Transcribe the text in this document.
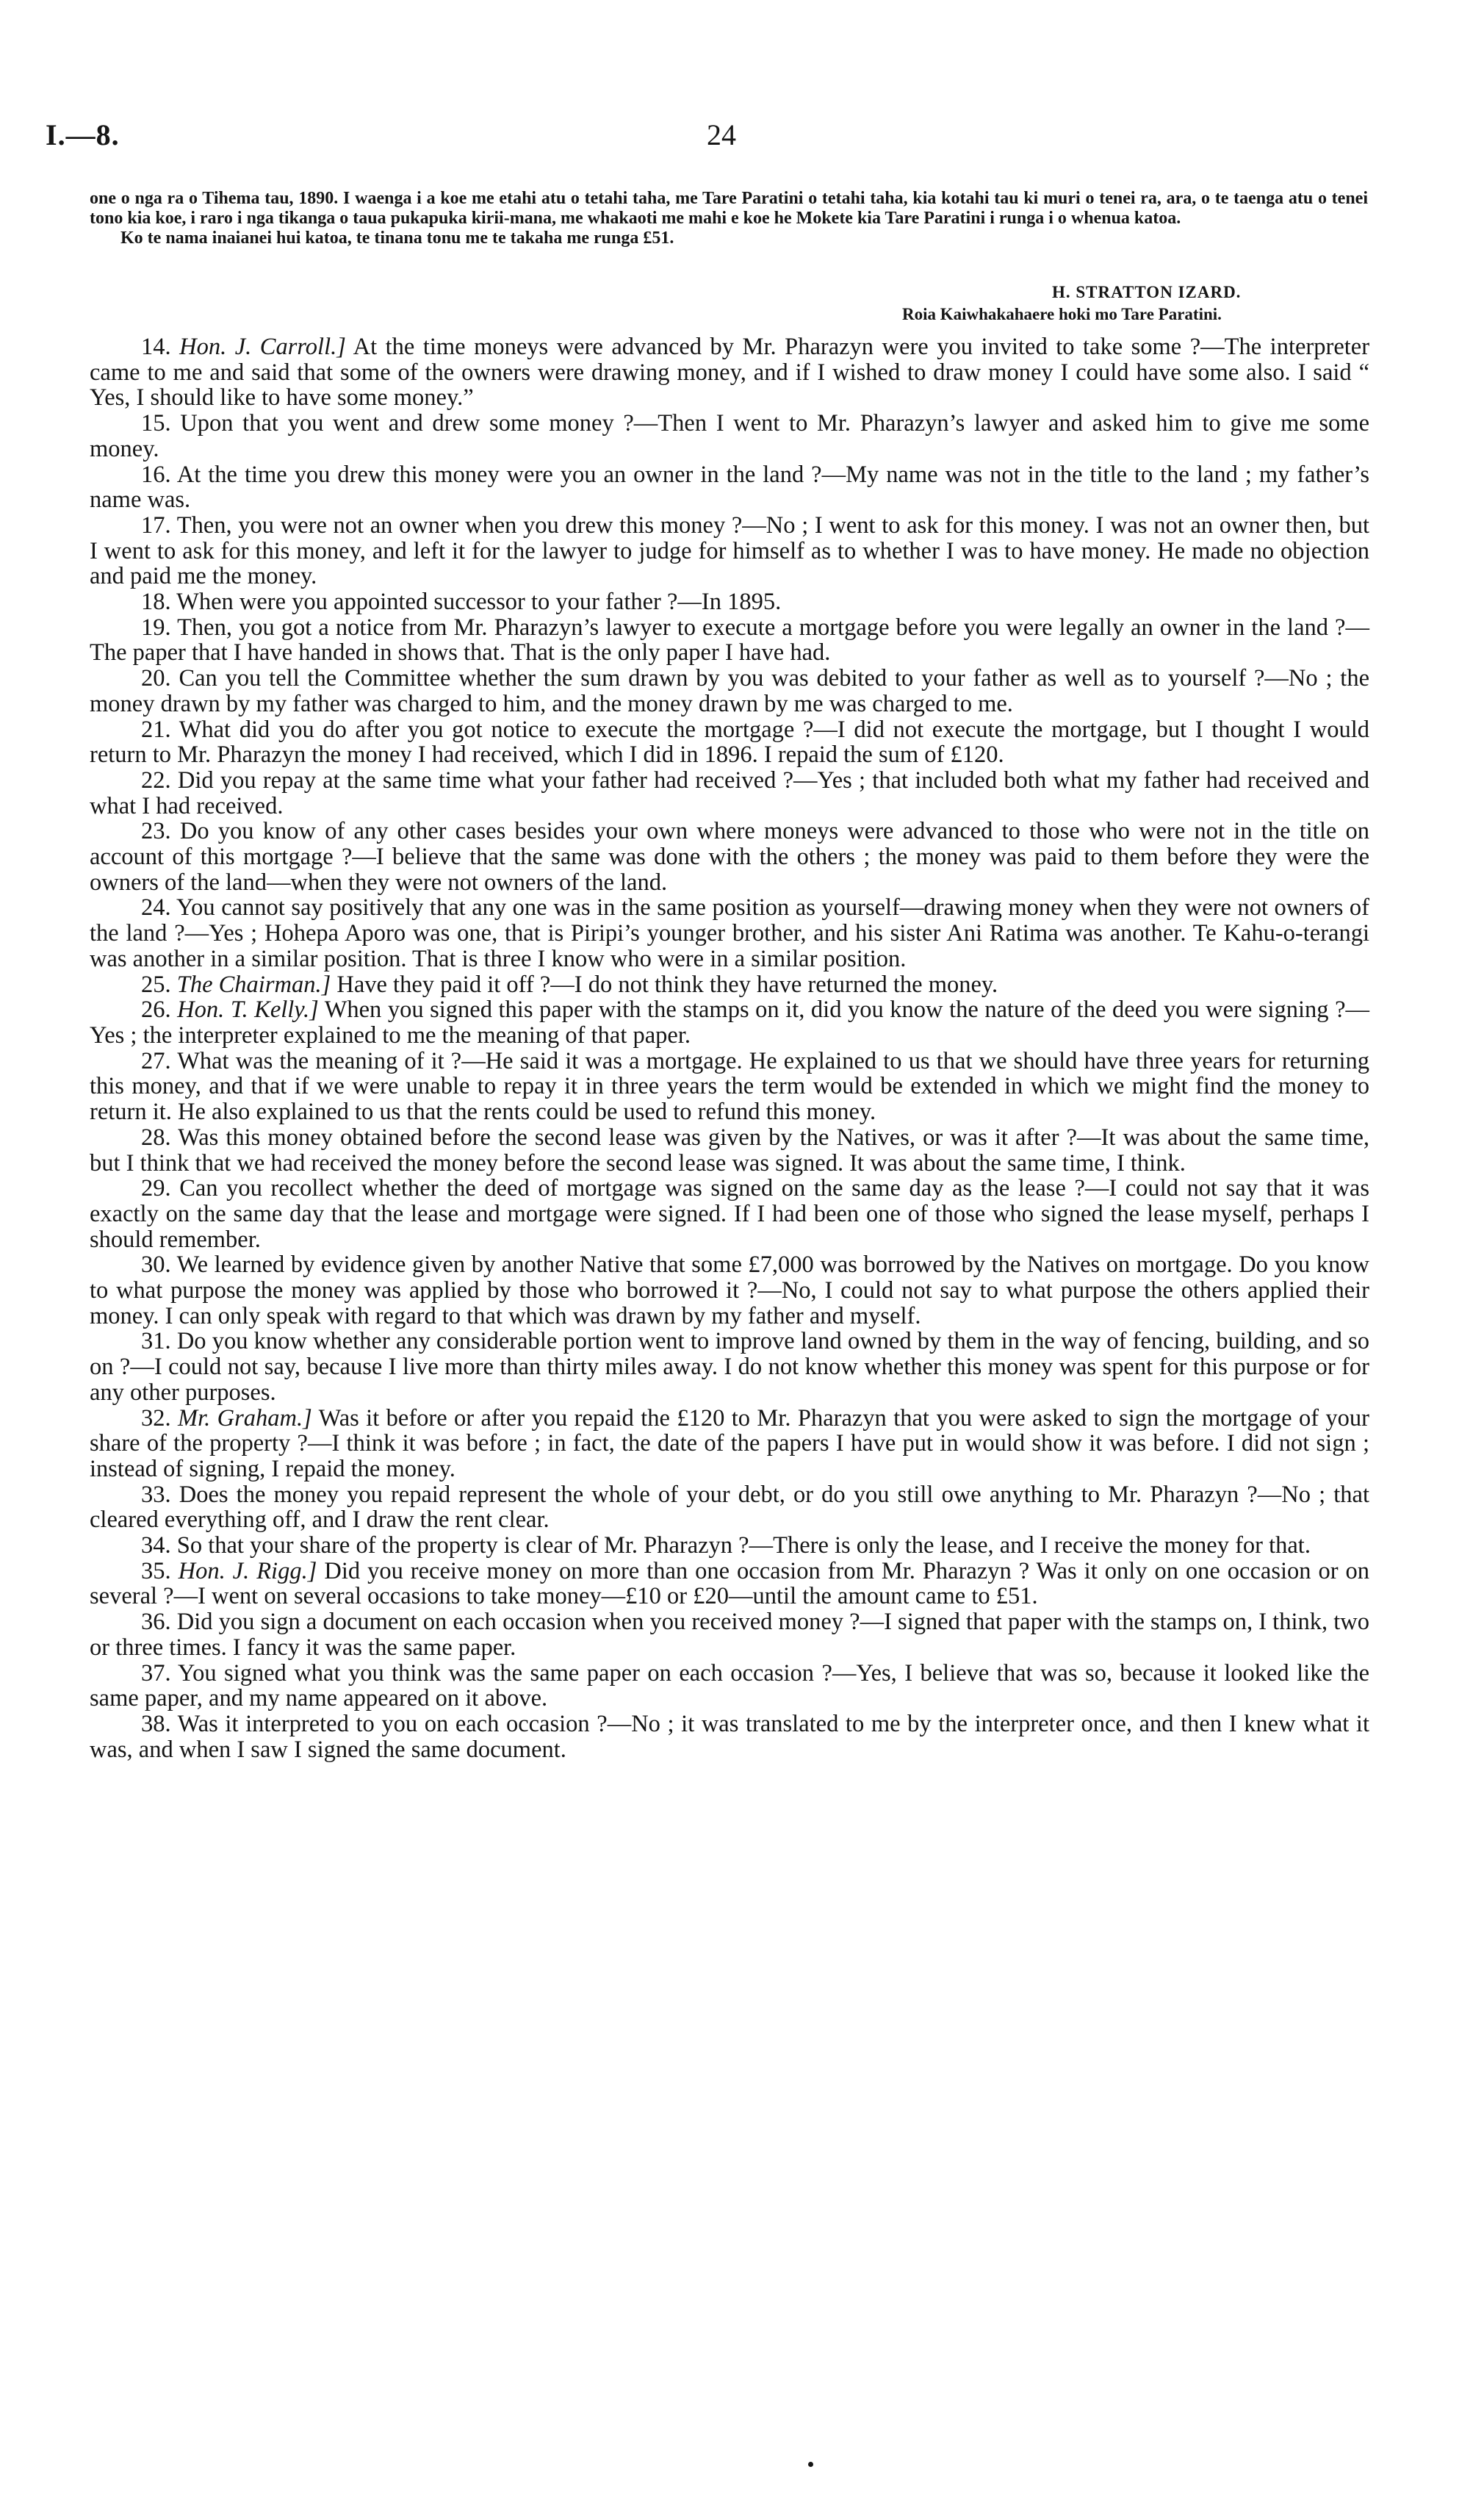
I.—8.	24

one o nga ra o Tihema tau, 1890. I waenga i a koe me etahi atu o tetahi taha, me Tare Paratini o tetahi taha, kia kotahi tau ki muri o tenei ra, ara, o te taenga atu o tenei tono kia koe, i raro i nga tikanga o taua pukapuka kirii-mana, me whakaoti me mahi e koe he Mokete kia Tare Paratini i runga i o whenua katoa.

Ko te nama inaianei hui katoa, te tinana tonu me te takaha me runga £51.

H. STRATTON IZARD.
Roia Kaiwhakahaere hoki mo Tare Paratini.

14. Hon. J. Carroll.] At the time moneys were advanced by Mr. Pharazyn were you invited to take some ?—The interpreter came to me and said that some of the owners were drawing money, and if I wished to draw money I could have some also. I said “ Yes, I should like to have some money.”

15. Upon that you went and drew some money ?—Then I went to Mr. Pharazyn’s lawyer and asked him to give me some money.

16. At the time you drew this money were you an owner in the land ?—My name was not in the title to the land ; my father’s name was.

17. Then, you were not an owner when you drew this money ?—No ; I went to ask for this money. I was not an owner then, but I went to ask for this money, and left it for the lawyer to judge for himself as to whether I was to have money. He made no objection and paid me the money.

18. When were you appointed successor to your father ?—In 1895.

19. Then, you got a notice from Mr. Pharazyn’s lawyer to execute a mortgage before you were legally an owner in the land ?—The paper that I have handed in shows that. That is the only paper I have had.

20. Can you tell the Committee whether the sum drawn by you was debited to your father as well as to yourself ?—No ; the money drawn by my father was charged to him, and the money drawn by me was charged to me.

21. What did you do after you got notice to execute the mortgage ?—I did not execute the mortgage, but I thought I would return to Mr. Pharazyn the money I had received, which I did in 1896. I repaid the sum of £120.

22. Did you repay at the same time what your father had received ?—Yes ; that included both what my father had received and what I had received.

23. Do you know of any other cases besides your own where moneys were advanced to those who were not in the title on account of this mortgage ?—I believe that the same was done with the others ; the money was paid to them before they were the owners of the land—when they were not owners of the land.

24. You cannot say positively that any one was in the same position as yourself—drawing money when they were not owners of the land ?—Yes ; Hohepa Aporo was one, that is Piripi’s younger brother, and his sister Ani Ratima was another. Te Kahu-o-terangi was another in a similar position. That is three I know who were in a similar position.

25. The Chairman.] Have they paid it off ?—I do not think they have returned the money.

26. Hon. T. Kelly.] When you signed this paper with the stamps on it, did you know the nature of the deed you were signing ?—Yes ; the interpreter explained to me the meaning of that paper.

27. What was the meaning of it ?—He said it was a mortgage. He explained to us that we should have three years for returning this money, and that if we were unable to repay it in three years the term would be extended in which we might find the money to return it. He also explained to us that the rents could be used to refund this money.

28. Was this money obtained before the second lease was given by the Natives, or was it after ?—It was about the same time, but I think that we had received the money before the second lease was signed. It was about the same time, I think.

29. Can you recollect whether the deed of mortgage was signed on the same day as the lease ?—I could not say that it was exactly on the same day that the lease and mortgage were signed. If I had been one of those who signed the lease myself, perhaps I should remember.

30. We learned by evidence given by another Native that some £7,000 was borrowed by the Natives on mortgage. Do you know to what purpose the money was applied by those who borrowed it ?—No, I could not say to what purpose the others applied their money. I can only speak with regard to that which was drawn by my father and myself.

31. Do you know whether any considerable portion went to improve land owned by them in the way of fencing, building, and so on ?—I could not say, because I live more than thirty miles away. I do not know whether this money was spent for this purpose or for any other purposes.

32. Mr. Graham.] Was it before or after you repaid the £120 to Mr. Pharazyn that you were asked to sign the mortgage of your share of the property ?—I think it was before ; in fact, the date of the papers I have put in would show it was before. I did not sign ; instead of signing, I repaid the money.

33. Does the money you repaid represent the whole of your debt, or do you still owe anything to Mr. Pharazyn ?—No ; that cleared everything off, and I draw the rent clear.

34. So that your share of the property is clear of Mr. Pharazyn ?—There is only the lease, and I receive the money for that.

35. Hon. J. Rigg.] Did you receive money on more than one occasion from Mr. Pharazyn ? Was it only on one occasion or on several ?—I went on several occasions to take money—£10 or £20—until the amount came to £51.

36. Did you sign a document on each occasion when you received money ?—I signed that paper with the stamps on, I think, two or three times. I fancy it was the same paper.

37. You signed what you think was the same paper on each occasion ?—Yes, I believe that was so, because it looked like the same paper, and my name appeared on it above.

38. Was it interpreted to you on each occasion ?—No ; it was translated to me by the interpreter once, and then I knew what it was, and when I saw I signed the same document.
